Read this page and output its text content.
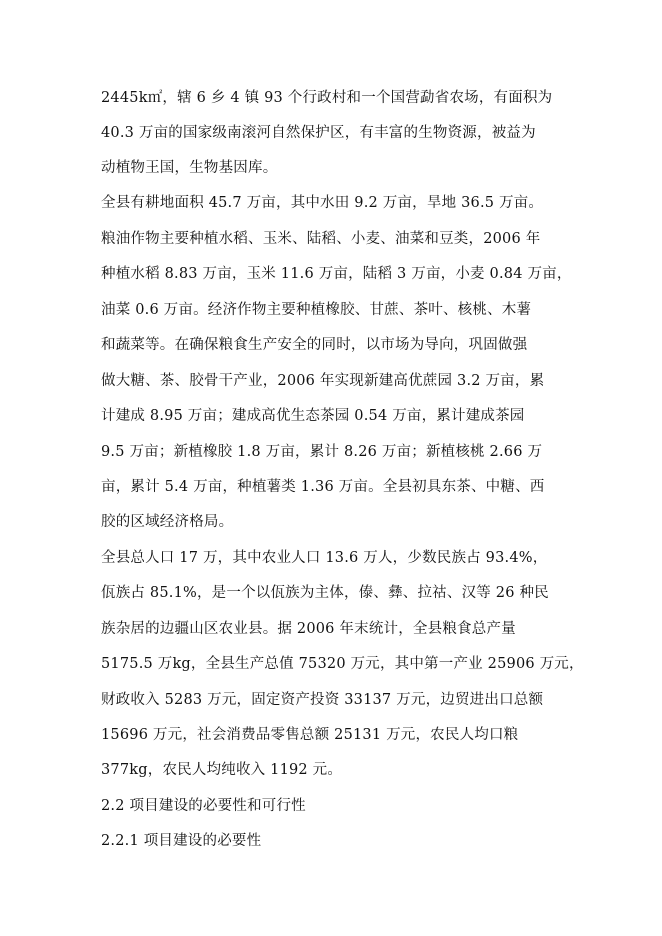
2445k㎡，辖 6 乡 4 镇 93 个行政村和一个国营勐省农场，有面积为
40.3 万亩的国家级南滚河自然保护区，有丰富的生物资源，被益为
动植物王国，生物基因库。
全县有耕地面积 45.7 万亩，其中水田 9.2 万亩，旱地 36.5 万亩。
粮油作物主要种植水稻、玉米、陆稻、小麦、油菜和豆类，2006 年
种植水稻 8.83 万亩，玉米 11.6 万亩，陆稻 3 万亩，小麦 0.84 万亩，
油菜 0.6 万亩。经济作物主要种植橡胶、甘蔗、茶叶、核桃、木薯
和蔬菜等。在确保粮食生产安全的同时，以市场为导向，巩固做强
做大糖、茶、胶骨干产业，2006 年实现新建高优蔗园 3.2 万亩，累
计建成 8.95 万亩；建成高优生态茶园 0.54 万亩，累计建成茶园
9.5 万亩；新植橡胶 1.8 万亩，累计 8.26 万亩；新植核桃 2.66 万
亩，累计 5.4 万亩，种植薯类 1.36 万亩。全县初具东茶、中糖、西
胶的区域经济格局。
全县总人口 17 万，其中农业人口 13.6 万人，少数民族占 93.4%，
佤族占 85.1%，是一个以佤族为主体，傣、彝、拉祜、汉等 26 种民
族杂居的边疆山区农业县。据 2006 年末统计，全县粮食总产量
5175.5 万kg，全县生产总值 75320 万元，其中第一产业 25906 万元，
财政收入 5283 万元，固定资产投资 33137 万元，边贸进出口总额
15696 万元，社会消费品零售总额 25131 万元，农民人均口粮
377kg，农民人均纯收入 1192 元。
2.2 项目建设的必要性和可行性
2.2.1 项目建设的必要性
